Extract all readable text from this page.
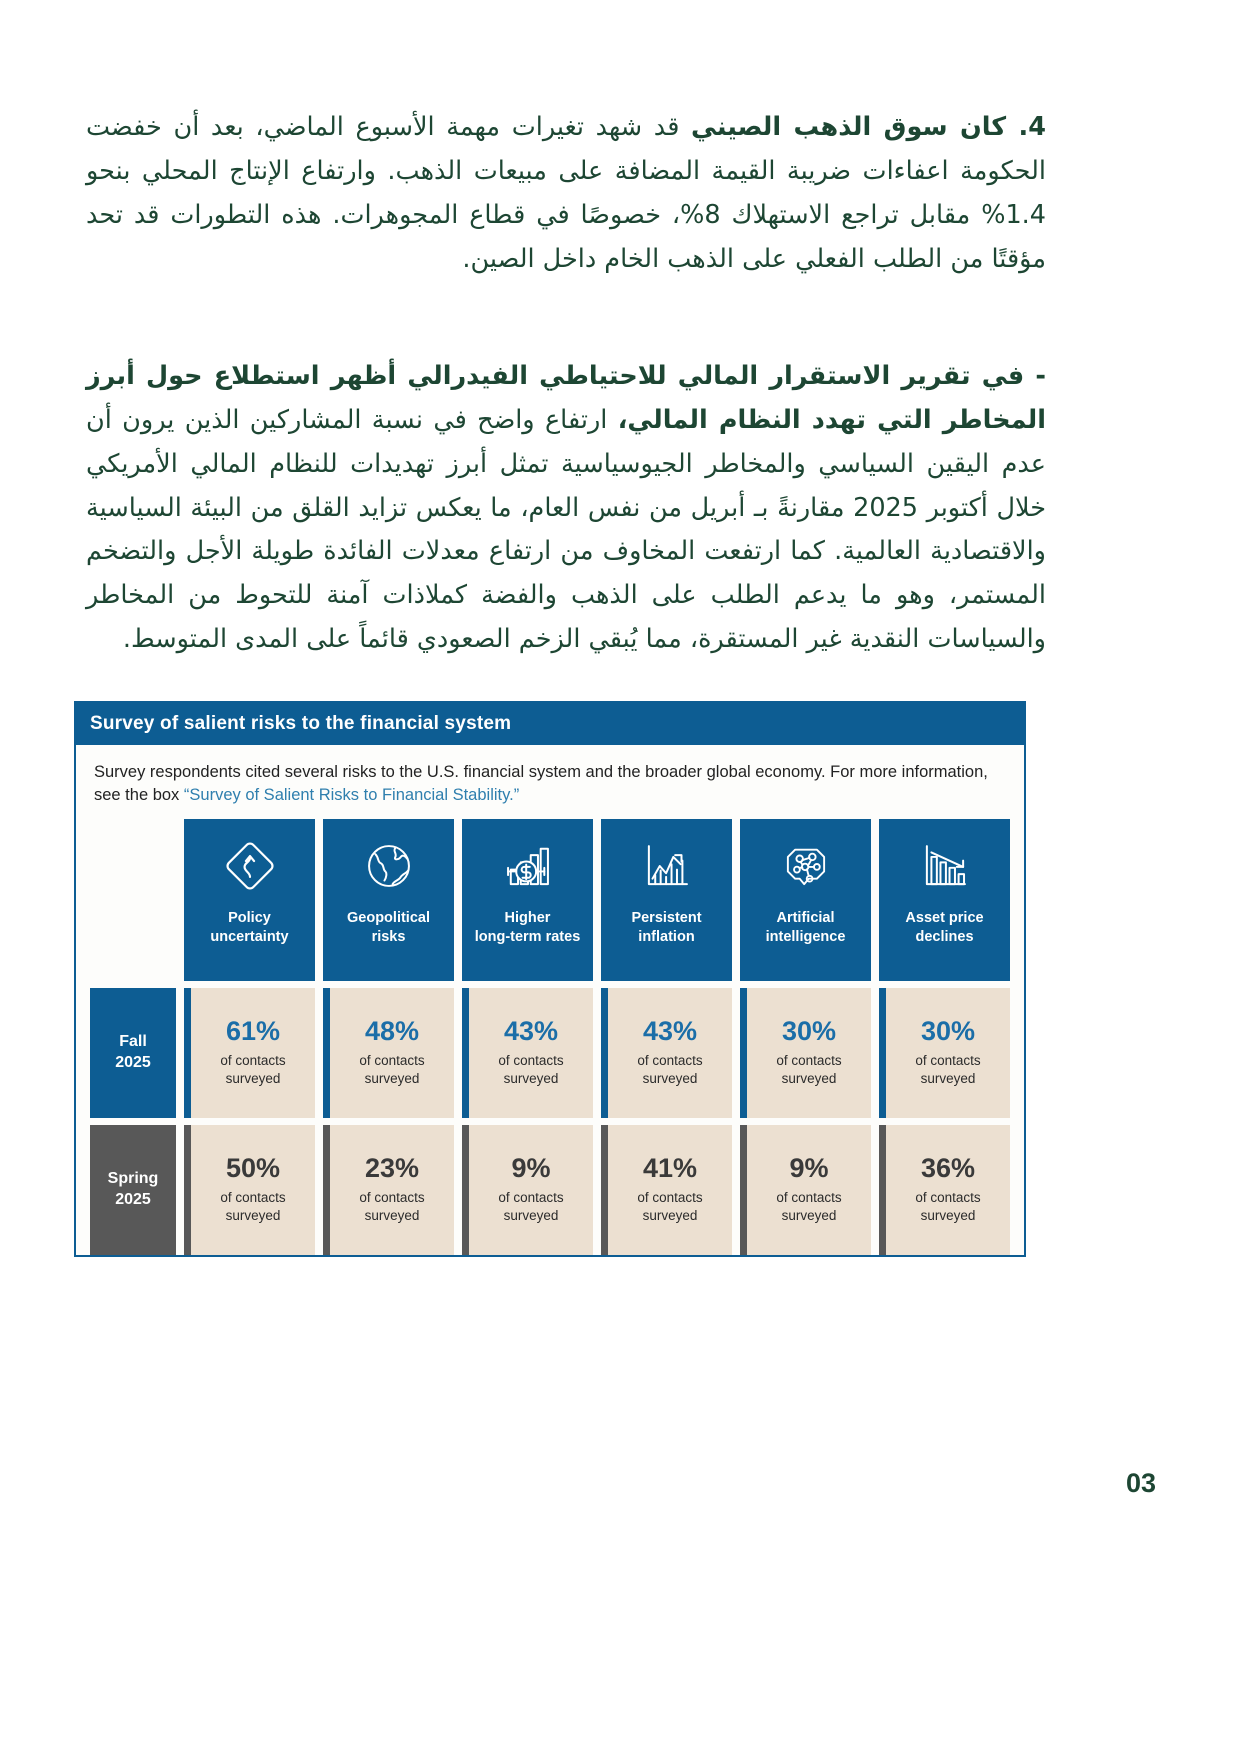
4. كان سوق الذهب الصيني قد شهد تغيرات مهمة الأسبوع الماضي، بعد أن خفضت الحكومة اعفاءات ضريبة القيمة المضافة على مبيعات الذهب. وارتفاع الإنتاج المحلي بنحو 1.4% مقابل تراجع الاستهلاك 8%، خصوصًا في قطاع المجوهرات. هذه التطورات قد تحد مؤقتًا من الطلب الفعلي على الذهب الخام داخل الصين.
- في تقرير الاستقرار المالي للاحتياطي الفيدرالي أظهر استطلاع حول أبرز المخاطر التي تهدد النظام المالي، ارتفاع واضح في نسبة المشاركين الذين يرون أن عدم اليقين السياسي والمخاطر الجيوسياسية تمثل أبرز تهديدات للنظام المالي الأمريكي خلال أكتوبر 2025 مقارنةً بـ أبريل من نفس العام، ما يعكس تزايد القلق من البيئة السياسية والاقتصادية العالمية. كما ارتفعت المخاوف من ارتفاع معدلات الفائدة طويلة الأجل والتضخم المستمر، وهو ما يدعم الطلب على الذهب والفضة كملاذات آمنة للتحوط من المخاطر والسياسات النقدية غير المستقرة، مما يُبقي الزخم الصعودي قائماً على المدى المتوسط.
Survey of salient risks to the financial system
Survey respondents cited several risks to the U.S. financial system and the broader global economy. For more information, see the box “Survey of Salient Risks to Financial Stability.”
Policy
uncertainty
Geopolitical
risks
Higher
long-term rates
Persistent
inflation
Artificial
intelligence
Asset price
declines
Fall
2025
61%
of contacts
surveyed
48%
of contacts
surveyed
43%
of contacts
surveyed
43%
of contacts
surveyed
30%
of contacts
surveyed
30%
of contacts
surveyed
Spring
2025
50%
of contacts
surveyed
23%
of contacts
surveyed
9%
of contacts
surveyed
41%
of contacts
surveyed
9%
of contacts
surveyed
36%
of contacts
surveyed
03
